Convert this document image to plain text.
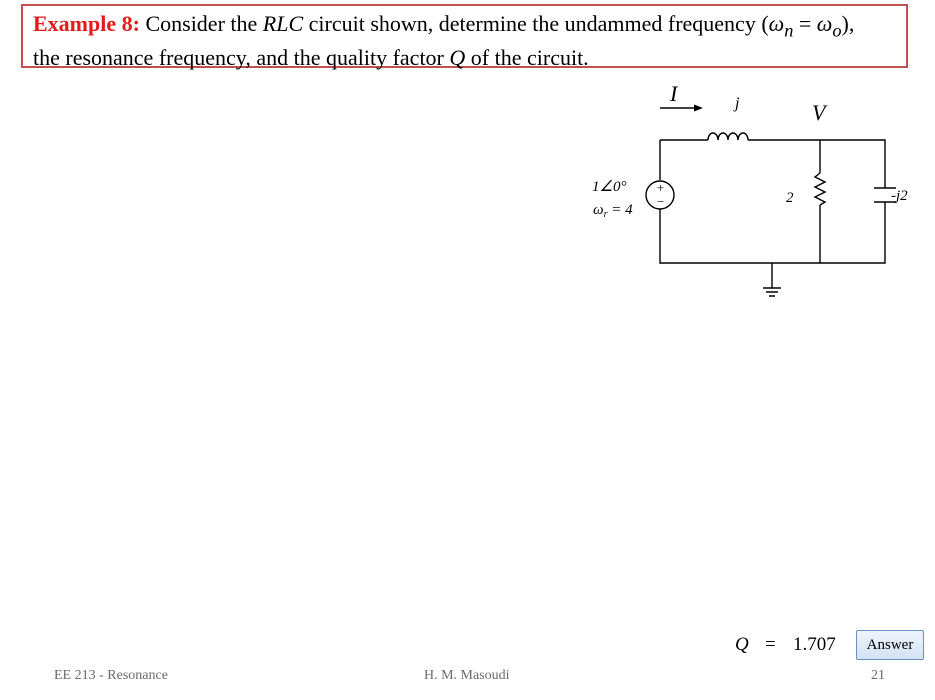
Example 8: Consider the RLC circuit shown, determine the undammed frequency $(\omega_n = \omega_o)$,
the resonance frequency, and the quality factor Q of the circuit.
I	j	V
+
−
1∠0°
$\omega_r = 4$
2	-j2
Q = 1.707	Answer
EE 213 - Resonance	H. M. Masoudi	21
